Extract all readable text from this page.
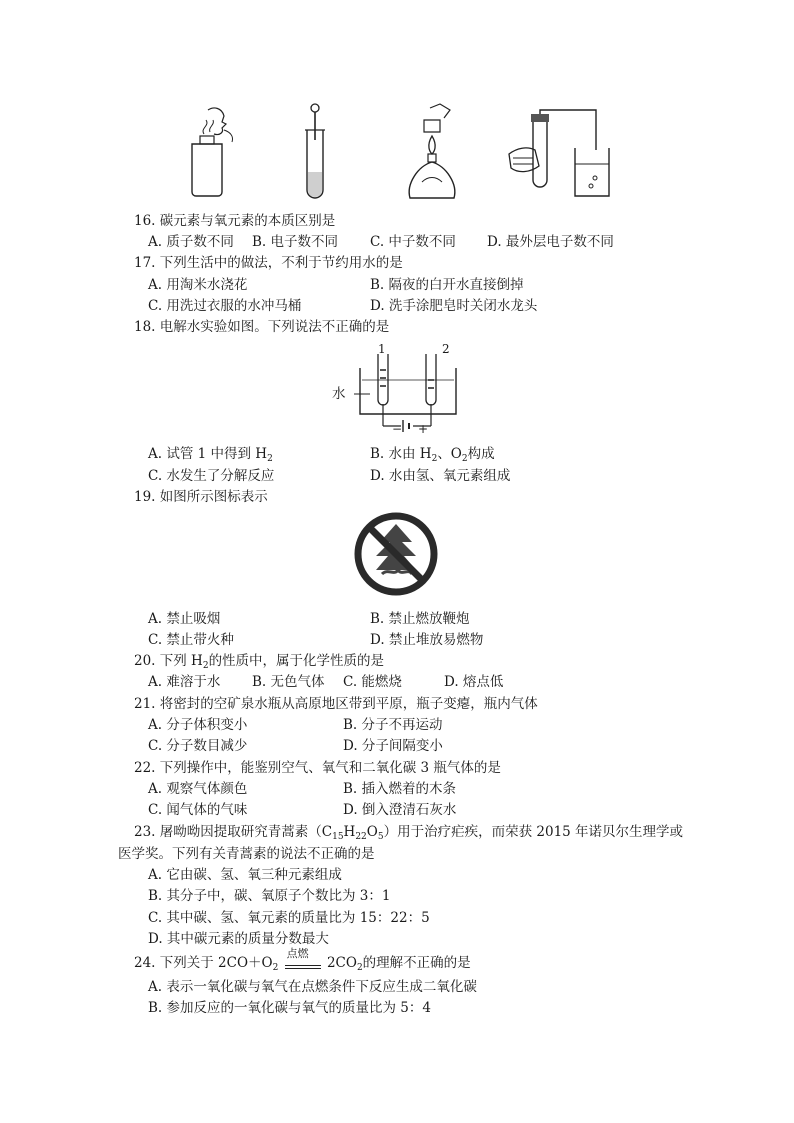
16. 碳元素与氧元素的本质区别是
A. 质子数不同 B. 电子数不同 C. 中子数不同 D. 最外层电子数不同
17. 下列生活中的做法，不利于节约用水的是
A. 用淘米水浇花	B. 隔夜的白开水直接倒掉
C. 用洗过衣服的水冲马桶	D. 洗手涂肥皂时关闭水龙头
18. 电解水实验如图。下列说法不正确的是
1	2
水
− +
A. 试管 1 中得到 $H_2$	B. 水由 $H_2$、$O_2$构成
C. 水发生了分解反应	D. 水由氢、氧元素组成
19. 如图所示图标表示
A. 禁止吸烟	B. 禁止燃放鞭炮
C. 禁止带火种	D. 禁止堆放易燃物
20. 下列 $H_2$的性质中，属于化学性质的是
A. 难溶于水 B. 无色气体 C. 能燃烧	D. 熔点低
21. 将密封的空矿泉水瓶从高原地区带到平原，瓶子变瘪，瓶内气体
A. 分子体积变小	B. 分子不再运动
C. 分子数目减少	D. 分子间隔变小
22. 下列操作中，能鉴别空气、氧气和二氧化碳 3 瓶气体的是
A. 观察气体颜色	B. 插入燃着的木条
C. 闻气体的气味	D. 倒入澄清石灰水
23. 屠呦呦因提取研究青蒿素$(C_{15}H_{22}O_5)$用于治疗疟疾，而荣获 2015 年诺贝尔生理学或
医学奖。下列有关青蒿素的说法不正确的是
A. 它由碳、氢、氧三种元素组成
B. 其分子中，碳、氧原子个数比为 3：1
C. 其中碳、氢、氧元素的质量比为 15：22：5
D. 其中碳元素的质量分数最大
24. 下列关于 $2CO+O_2$
点燃
$2CO_2$的理解不正确的是
A. 表示一氧化碳与氧气在点燃条件下反应生成二氧化碳
B. 参加反应的一氧化碳与氧气的质量比为 5：4
